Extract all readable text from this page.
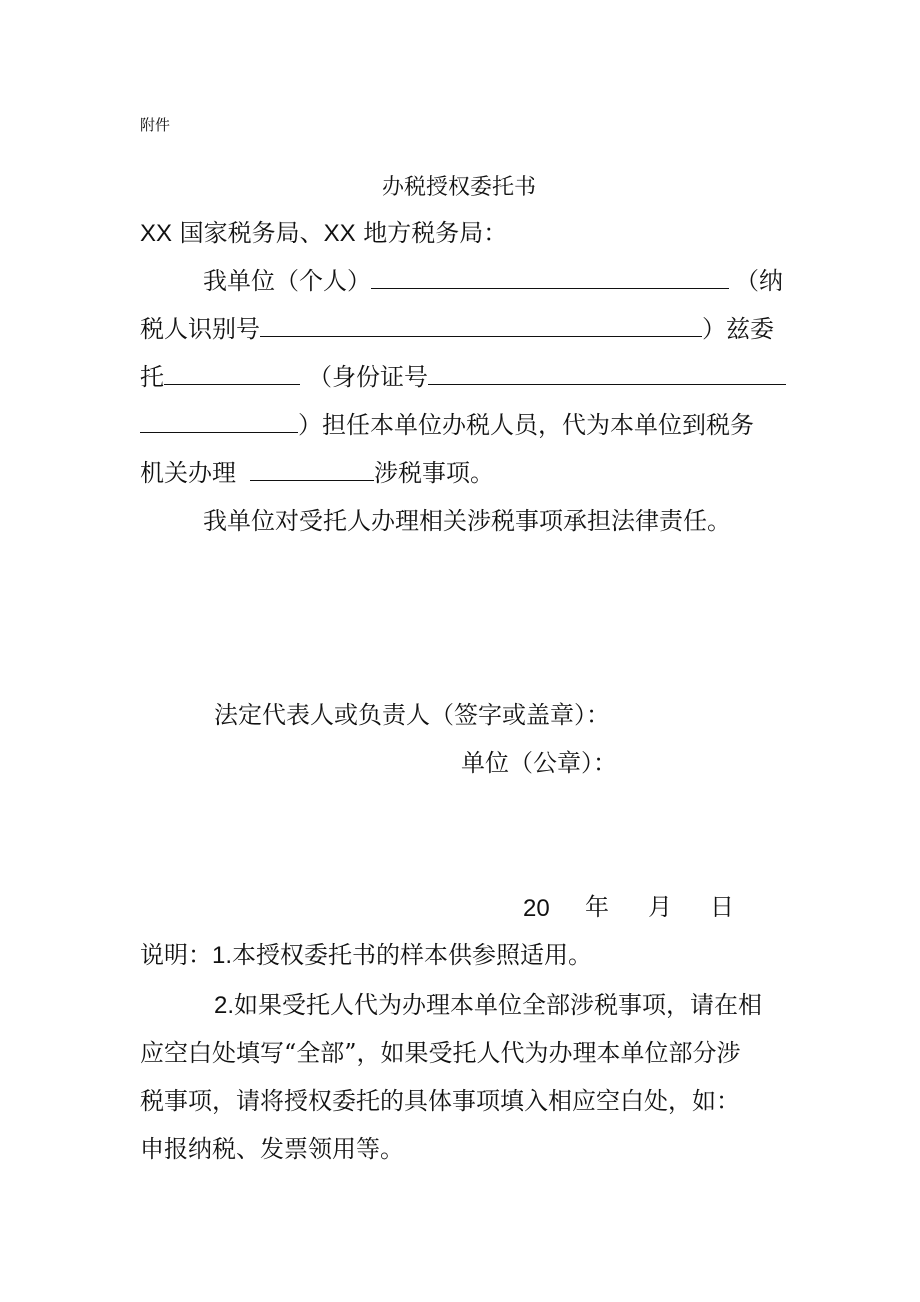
附件
办税授权委托书
XX 国家税务局、XX 地方税务局：
我单位（个人）	（纳
税人识别号	）兹委
托	（身份证号
）担任本单位办税人员，代为本单位到税务
机关办理	涉税事项。
我单位对受托人办理相关涉税事项承担法律责任。
法定代表人或负责人（签字或盖章）：
单位（公章）：
20 年 月 日
说明：1.本授权委托书的样本供参照适用。
2.如果受托人代为办理本单位全部涉税事项，请在相
应空白处填写“全部”，如果受托人代为办理本单位部分涉
税事项，请将授权委托的具体事项填入相应空白处，如：
申报纳税、发票领用等。
